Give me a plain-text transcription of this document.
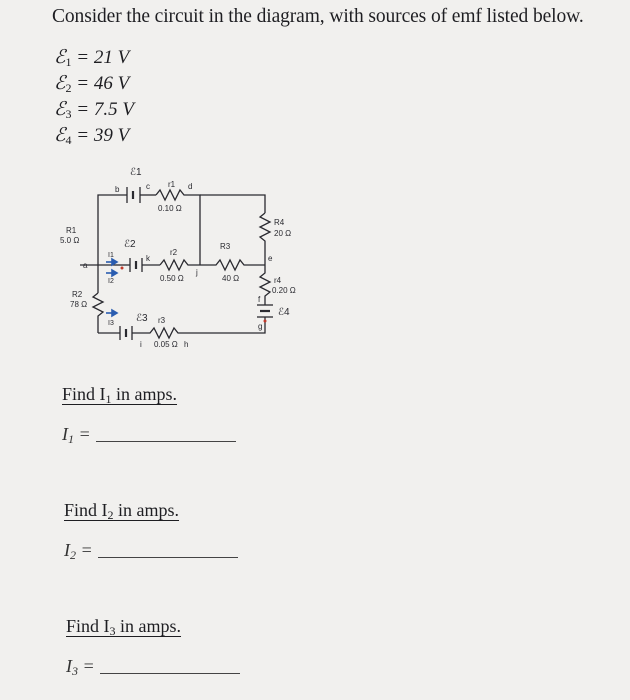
Consider the circuit in the diagram, with sources of emf listed below.
ℰ$_1$ = 21 V
ℰ$_2$ = 46 V
ℰ$_3$ = 7.5 V
ℰ$_4$ = 39 V
ℰ1
b	c r1 d
0.10 Ω
R1
5.0 Ω	ℰ2
a
I1
I2
k
r2
0.50 Ω
R3
40 Ω
j
R4
20 Ω
e
r4
0.20 Ω
f
g
ℰ4
R2
78 Ω
I3 ℰ3 r3
i 0.05 Ω h
Find $I_1$ in amps.
$I_1$ =
Find $I_2$ in amps.
$I_2$ =
Find $I_3$ in amps.
$I_3$ =
